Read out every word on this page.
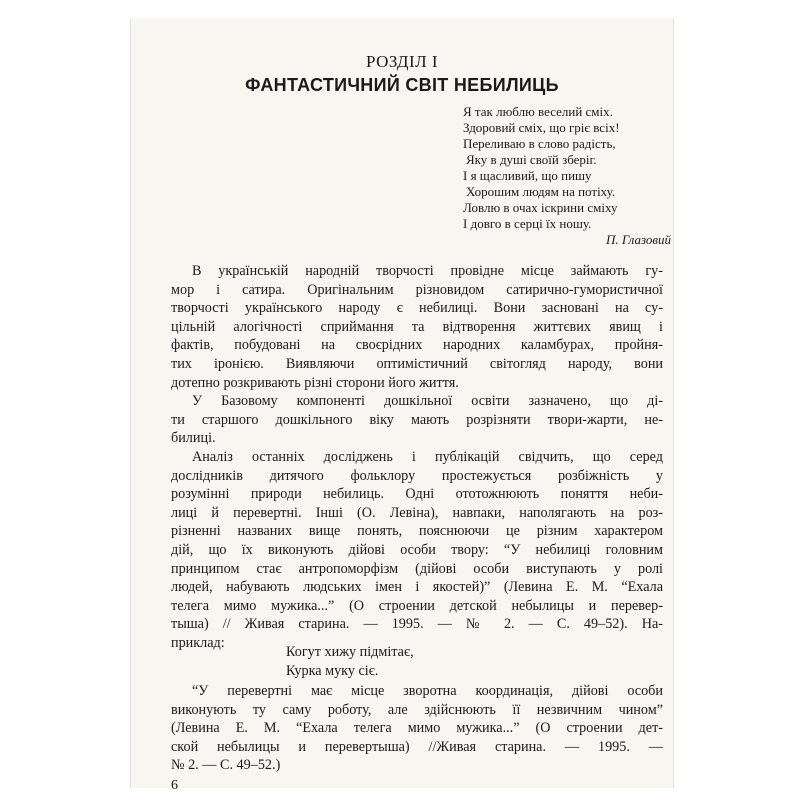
РОЗДІЛ I
ФАНТАСТИЧНИЙ СВІТ НЕБИЛИЦЬ
Я так люблю веселий сміх.
Здоровий сміх, що гріє всіх!
Переливаю в слово радість,
Яку в душі своїй зберіг.
І я щасливий, що пишу
Хорошим людям на потіху.
Ловлю в очах іскрини сміху
І довго в серці їх ношу.
П. Глазовий
В українській народній творчості провідне місце займають гу-
мор і сатира. Оригінальним різновидом сатирично-гумористичної
творчості українського народу є небилиці. Вони засновані на су-
цільній алогічності сприймання та відтворення життєвих явищ і
фактів, побудовані на своєрідних народних каламбурах, пройня-
тих іронією. Виявляючи оптимістичний світогляд народу, вони
дотепно розкривають різні сторони його життя.
У Базовому компоненті дошкільної освіти зазначено, що ді-
ти старшого дошкільного віку мають розрізняти твори-жарти, не-
билиці.
Аналіз останніх досліджень і публікацій свідчить, що серед
дослідників дитячого фольклору простежується розбіжність у
розумінні природи небилиць. Одні ототожнюють поняття неби-
лиці й перевертні. Інші (О. Левіна), навпаки, наполягають на роз-
різненні названих вище понять, пояснюючи це різним характером
дій, що їх виконують дійові особи твору: “У небилиці головним
принципом стає антропоморфізм (дійові особи виступають у ролі
людей, набувають людських імен і якостей)” (Левина Е. М. “Ехала
телега мимо мужика...” (О строении детской небылицы и перевер-
тыша) // Живая старина. — 1995. — № 2. — С. 49–52). На-
приклад:
Когут хижу підмітає,
Курка муку сіє.
“У перевертні має місце зворотна координація, дійові особи
виконують ту саму роботу, але здійснюють її незвичним чином”
(Левина Е. М. “Ехала телега мимо мужика...” (О строении дет-
ской небылицы и перевертыша) //Живая старина. — 1995. —
№ 2. — С. 49–52.)
6
